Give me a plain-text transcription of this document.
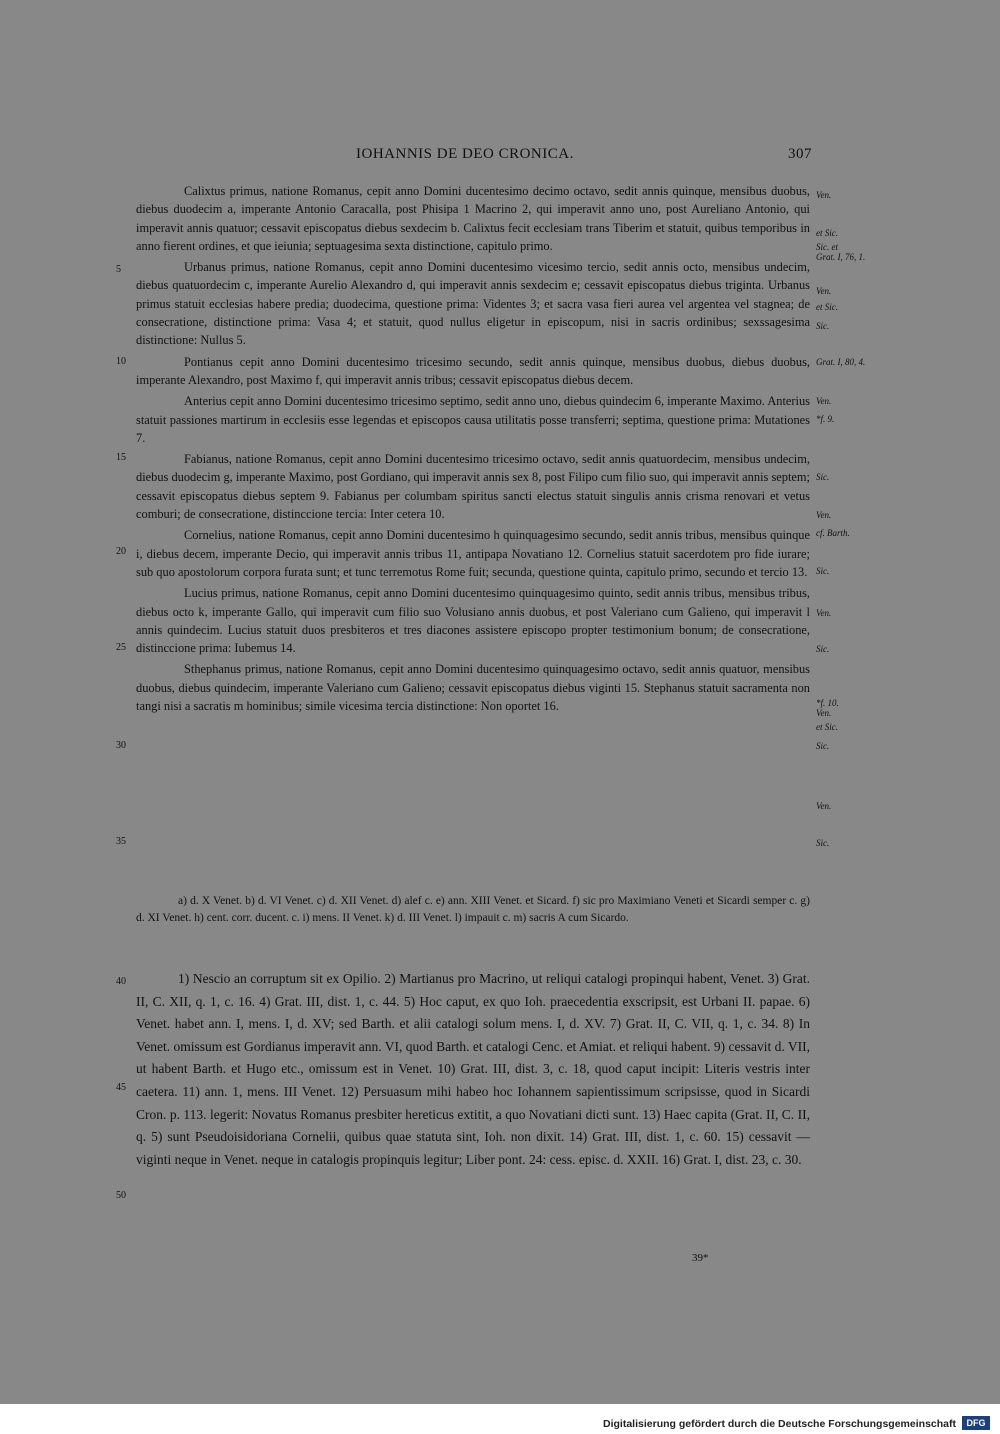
IOHANNIS DE DEO CRONICA.	307
5
10
15
20
25
30
35
40
45
50
Ven.
et Sic.
Sic. et
Grat. I, 76, 1.
Ven.
et Sic.
Sic.
Grat. I, 80, 4.
Ven.
*f. 9.
Sic.
Ven.
cf. Barth.
Sic.
Ven.
Sic.
*f. 10.
Ven.
et Sic.
Sic.
Ven.
Sic.

Calixtus primus, natione Romanus, cepit anno Domini ducentesimo decimo octavo, sedit annis quinque, mensibus duobus, diebus duodecim a, imperante Antonio Caracalla, post Phisipa 1 Macrino 2, qui imperavit anno uno, post Aureliano Antonio, qui imperavit annis quatuor; cessavit episcopatus diebus sexdecim b. Calixtus fecit ecclesiam trans Tiberim et statuit, quibus temporibus in anno fierent ordines, et que ieiunia; septuagesima sexta distinctione, capitulo primo.

Urbanus primus, natione Romanus, cepit anno Domini ducentesimo vicesimo tercio, sedit annis octo, mensibus undecim, diebus quatuordecim c, imperante Aurelio Alexandro d, qui imperavit annis sexdecim e; cessavit episcopatus diebus triginta. Urbanus primus statuit ecclesias habere predia; duodecima, questione prima: Videntes 3; et sacra vasa fieri aurea vel argentea vel stagnea; de consecratione, distinctione prima: Vasa 4; et statuit, quod nullus eligetur in episcopum, nisi in sacris ordinibus; sexssagesima distinctione: Nullus 5.

Pontianus cepit anno Domini ducentesimo tricesimo secundo, sedit annis quinque, mensibus duobus, diebus duobus, imperante Alexandro, post Maximo f, qui imperavit annis tribus; cessavit episcopatus diebus decem.

Anterius cepit anno Domini ducentesimo tricesimo septimo, sedit anno uno, diebus quindecim 6, imperante Maximo. Anterius statuit passiones martirum in ecclesiis esse legendas et episcopos causa utilitatis posse transferri; septima, questione prima: Mutationes 7.

Fabianus, natione Romanus, cepit anno Domini ducentesimo tricesimo octavo, sedit annis quatuordecim, mensibus undecim, diebus duodecim g, imperante Maximo, post Gordiano, qui imperavit annis sex 8, post Filipo cum filio suo, qui imperavit annis septem; cessavit episcopatus diebus septem 9. Fabianus per columbam spiritus sancti electus statuit singulis annis crisma renovari et vetus comburi; de consecratione, distinccione tercia: Inter cetera 10.

Cornelius, natione Romanus, cepit anno Domini ducentesimo h quinquagesimo secundo, sedit annis tribus, mensibus quinque i, diebus decem, imperante Decio, qui imperavit annis tribus 11, antipapa Novatiano 12. Cornelius statuit sacerdotem pro fide iurare; sub quo apostolorum corpora furata sunt; et tunc terremotus Rome fuit; secunda, questione quinta, capitulo primo, secundo et tercio 13.

Lucius primus, natione Romanus, cepit anno Domini ducentesimo quinquagesimo quinto, sedit annis tribus, mensibus tribus, diebus octo k, imperante Gallo, qui imperavit cum filio suo Volusiano annis duobus, et post Valeriano cum Galieno, qui imperavit l annis quindecim. Lucius statuit duos presbiteros et tres diacones assistere episcopo propter testimonium bonum; de consecratione, distinccione prima: Iubemus 14.

Sthephanus primus, natione Romanus, cepit anno Domini ducentesimo quinquagesimo octavo, sedit annis quatuor, mensibus duobus, diebus quindecim, imperante Valeriano cum Galieno; cessavit episcopatus diebus viginti 15. Stephanus statuit sacramenta non tangi nisi a sacratis m hominibus; simile vicesima tercia distinctione: Non oportet 16.

a) d. X Venet. b) d. VI Venet. c) d. XII Venet. d) alef c. e) ann. XIII Venet. et Sicard. f) sic pro Maximiano Veneti et Sicardi semper c. g) d. XI Venet. h) cent. corr. ducent. c. i) mens. II Venet. k) d. III Venet. l) impauit c. m) sacris A cum Sicardo.
1) Nescio an corruptum sit ex Opilio. 2) Martianus pro Macrino, ut reliqui catalogi propinqui habent, Venet. 3) Grat. II, C. XII, q. 1, c. 16. 4) Grat. III, dist. 1, c. 44. 5) Hoc caput, ex quo Ioh. praecedentia exscripsit, est Urbani II. papae. 6) Venet. habet ann. I, mens. I, d. XV; sed Barth. et alii catalogi solum mens. I, d. XV. 7) Grat. II, C. VII, q. 1, c. 34. 8) In Venet. omissum est Gordianus imperavit ann. VI, quod Barth. et catalogi Cenc. et Amiat. et reliqui habent. 9) cessavit d. VII, ut habent Barth. et Hugo etc., omissum est in Venet. 10) Grat. III, dist. 3, c. 18, quod caput incipit: Literis vestris inter caetera. 11) ann. 1, mens. III Venet. 12) Persuasum mihi habeo hoc Iohannem sapientissimum scripsisse, quod in Sicardi Cron. p. 113. legerit: Novatus Romanus presbiter hereticus extitit, a quo Novatiani dicti sunt. 13) Haec capita (Grat. II, C. II, q. 5) sunt Pseudoisidoriana Cornelii, quibus quae statuta sint, Ioh. non dixit. 14) Grat. III, dist. 1, c. 60. 15) cessavit — viginti neque in Venet. neque in catalogis propinquis legitur; Liber pont. 24: cess. episc. d. XXII. 16) Grat. I, dist. 23, c. 30.
39*
Digitalisierung gefördert durch die Deutsche Forschungsgemeinschaft	DFG
